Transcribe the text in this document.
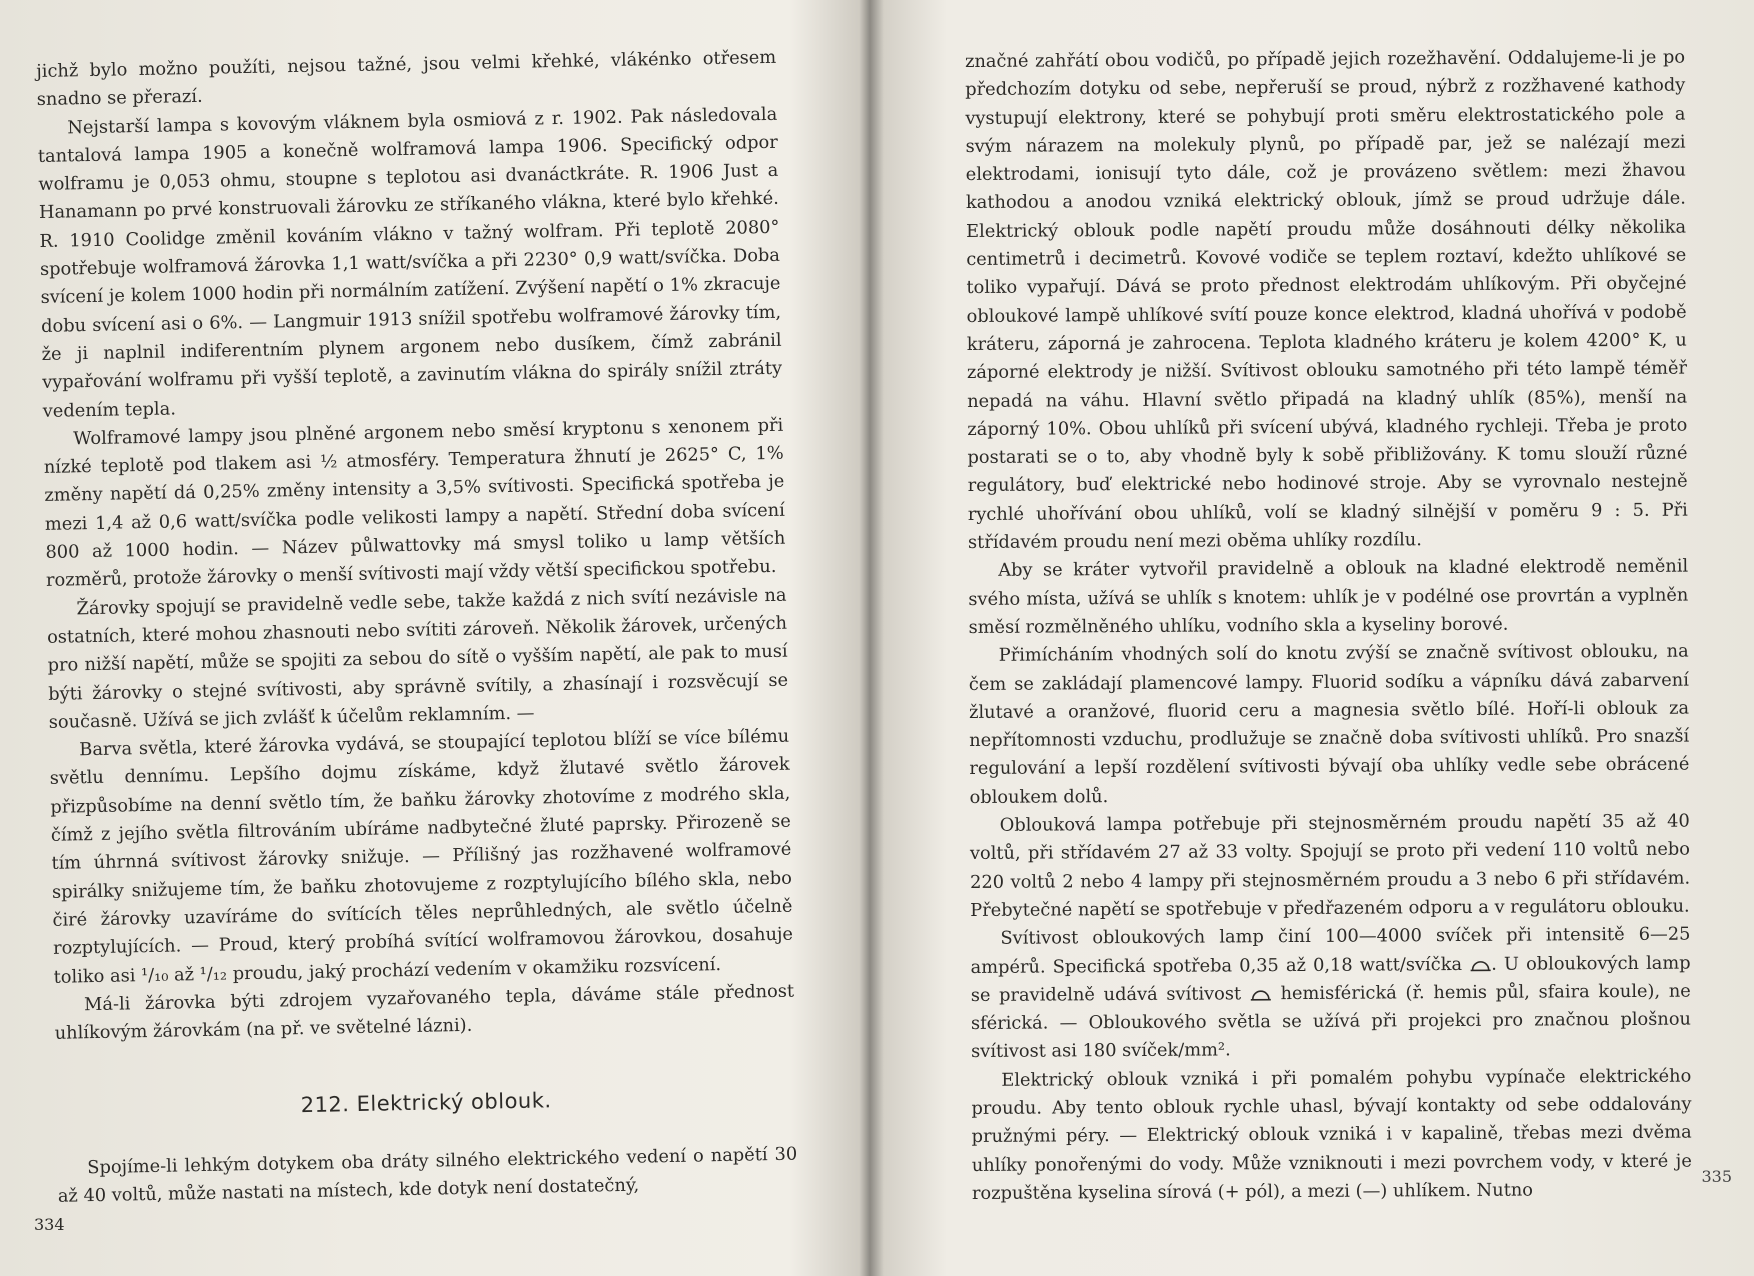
jichž bylo možno použíti, nejsou tažné, jsou velmi křehké, vlákénko otřesem snadno se přerazí.

Nejstarší lampa s kovovým vláknem byla osmiová z r. 1902. Pak následovala tantalová lampa 1905 a konečně wolframová lampa 1906. Specifický odpor wolframu je 0,053 ohmu, stoupne s teplotou asi dvanáctkráte. R. 1906 Just a Hanamann po prvé konstruovali žárovku ze stříkaného vlákna, které bylo křehké. R. 1910 Coolidge změnil kováním vlákno v tažný wolfram. Při teplotě 2080° spotřebuje wolframová žárovka 1,1 watt/svíčka a při 2230° 0,9 watt/svíčka. Doba svícení je kolem 1000 hodin při normálním zatížení. Zvýšení napětí o 1% zkracuje dobu svícení asi o 6%. — Langmuir 1913 snížil spotřebu wolframové žárovky tím, že ji naplnil indiferentním plynem argonem nebo dusíkem, čímž zabránil vypařování wolframu při vyšší teplotě, a zavinutím vlákna do spirály snížil ztráty vedením tepla.

Wolframové lampy jsou plněné argonem nebo směsí kryptonu s xenonem při nízké teplotě pod tlakem asi ½ atmosféry. Temperatura žhnutí je 2625° C, 1% změny napětí dá 0,25% změny intensity a 3,5% svítivosti. Specifická spotřeba je mezi 1,4 až 0,6 watt/svíčka podle velikosti lampy a napětí. Střední doba svícení 800 až 1000 hodin. — Název půlwattovky má smysl toliko u lamp větších rozměrů, protože žárovky o menší svítivosti mají vždy větší specifickou spotřebu.

Žárovky spojují se pravidelně vedle sebe, takže každá z nich svítí nezávisle na ostatních, které mohou zhasnouti nebo svítiti zároveň. Několik žárovek, určených pro nižší napětí, může se spojiti za sebou do sítě o vyšším napětí, ale pak to musí býti žárovky o stejné svítivosti, aby správně svítily, a zhasínají i rozsvěcují se současně. Užívá se jich zvlášť k účelům reklamním. —

Barva světla, které žárovka vydává, se stoupající teplotou blíží se více bílému světlu dennímu. Lepšího dojmu získáme, když žlutavé světlo žárovek přizpůsobíme na denní světlo tím, že baňku žárovky zhotovíme z modrého skla, čímž z jejího světla filtrováním ubíráme nadbytečné žluté paprsky. Přirozeně se tím úhrnná svítivost žárovky snižuje. — Přílišný jas rozžhavené wolframové spirálky snižujeme tím, že baňku zhotovujeme z rozptylujícího bílého skla, nebo čiré žárovky uzavíráme do svítících těles neprůhledných, ale světlo účelně rozptylujících. — Proud, který probíhá svítící wolframovou žárovkou, dosahuje toliko asi ¹/₁₀ až ¹/₁₂ proudu, jaký prochází vedením v okamžiku rozsvícení.

Má-li žárovka býti zdrojem vyzařovaného tepla, dáváme stále přednost uhlíkovým žárovkám (na př. ve světelné lázni).

212. Elektrický oblouk.

Spojíme-li lehkým dotykem oba dráty silného elektrického vedení o napětí 30 až 40 voltů, může nastati na místech, kde dotyk není dostatečný,

334

značné zahřátí obou vodičů, po případě jejich rozežhavění. Oddalujeme-li je po předchozím dotyku od sebe, nepřeruší se proud, nýbrž z rozžhavené kathody vystupují elektrony, které se pohybují proti směru elektrostatického pole a svým nárazem na molekuly plynů, po případě par, jež se nalézají mezi elektrodami, ionisují tyto dále, což je provázeno světlem: mezi žhavou kathodou a anodou vzniká elektrický oblouk, jímž se proud udržuje dále. Elektrický oblouk podle napětí proudu může dosáhnouti délky několika centimetrů i decimetrů. Kovové vodiče se teplem roztaví, kdežto uhlíkové se toliko vypařují. Dává se proto přednost elektrodám uhlíkovým. Při obyčejné obloukové lampě uhlíkové svítí pouze konce elektrod, kladná uhořívá v podobě kráteru, záporná je zahrocena. Teplota kladného kráteru je kolem 4200° K, u záporné elektrody je nižší. Svítivost oblouku samotného při této lampě téměř nepadá na váhu. Hlavní světlo připadá na kladný uhlík (85%), menší na záporný 10%. Obou uhlíků při svícení ubývá, kladného rychleji. Třeba je proto postarati se o to, aby vhodně byly k sobě přibližovány. K tomu slouží různé regulátory, buď elektrické nebo hodinové stroje. Aby se vyrovnalo nestejně rychlé uhořívání obou uhlíků, volí se kladný silnější v poměru 9 : 5. Při střídavém proudu není mezi oběma uhlíky rozdílu.

Aby se kráter vytvořil pravidelně a oblouk na kladné elektrodě neměnil svého místa, užívá se uhlík s knotem: uhlík je v podélné ose provrtán a vyplněn směsí rozmělněného uhlíku, vodního skla a kyseliny borové.

Přimícháním vhodných solí do knotu zvýší se značně svítivost oblouku, na čem se zakládají plamencové lampy. Fluorid sodíku a vápníku dává zabarvení žlutavé a oranžové, fluorid ceru a magnesia světlo bílé. Hoří-li oblouk za nepřítomnosti vzduchu, prodlužuje se značně doba svítivosti uhlíků. Pro snazší regulování a lepší rozdělení svítivosti bývají oba uhlíky vedle sebe obrácené obloukem dolů.

Oblouková lampa potřebuje při stejnosměrném proudu napětí 35 až 40 voltů, při střídavém 27 až 33 volty. Spojují se proto při vedení 110 voltů nebo 220 voltů 2 nebo 4 lampy při stejnosměrném proudu a 3 nebo 6 při střídavém. Přebytečné napětí se spotřebuje v předřazeném odporu a v regulátoru oblouku.

Svítivost obloukových lamp činí 100—4000 svíček při intensitě 6—25 ampérů. Specifická spotřeba 0,35 až 0,18 watt/svíčka . U obloukových lamp se pravidelně udává svítivost  hemisférická (ř. hemis půl, sfaira koule), ne sférická. — Obloukového světla se užívá při projekci pro značnou plošnou svítivost asi 180 svíček/mm².

Elektrický oblouk vzniká i při pomalém pohybu vypínače elektrického proudu. Aby tento oblouk rychle uhasl, bývají kontakty od sebe oddalovány pružnými péry. — Elektrický oblouk vzniká i v kapalině, třebas mezi dvěma uhlíky ponořenými do vody. Může vzniknouti i mezi povrchem vody, v které je rozpuštěna kyselina sírová (+ pól), a mezi (—) uhlíkem. Nutno

335
